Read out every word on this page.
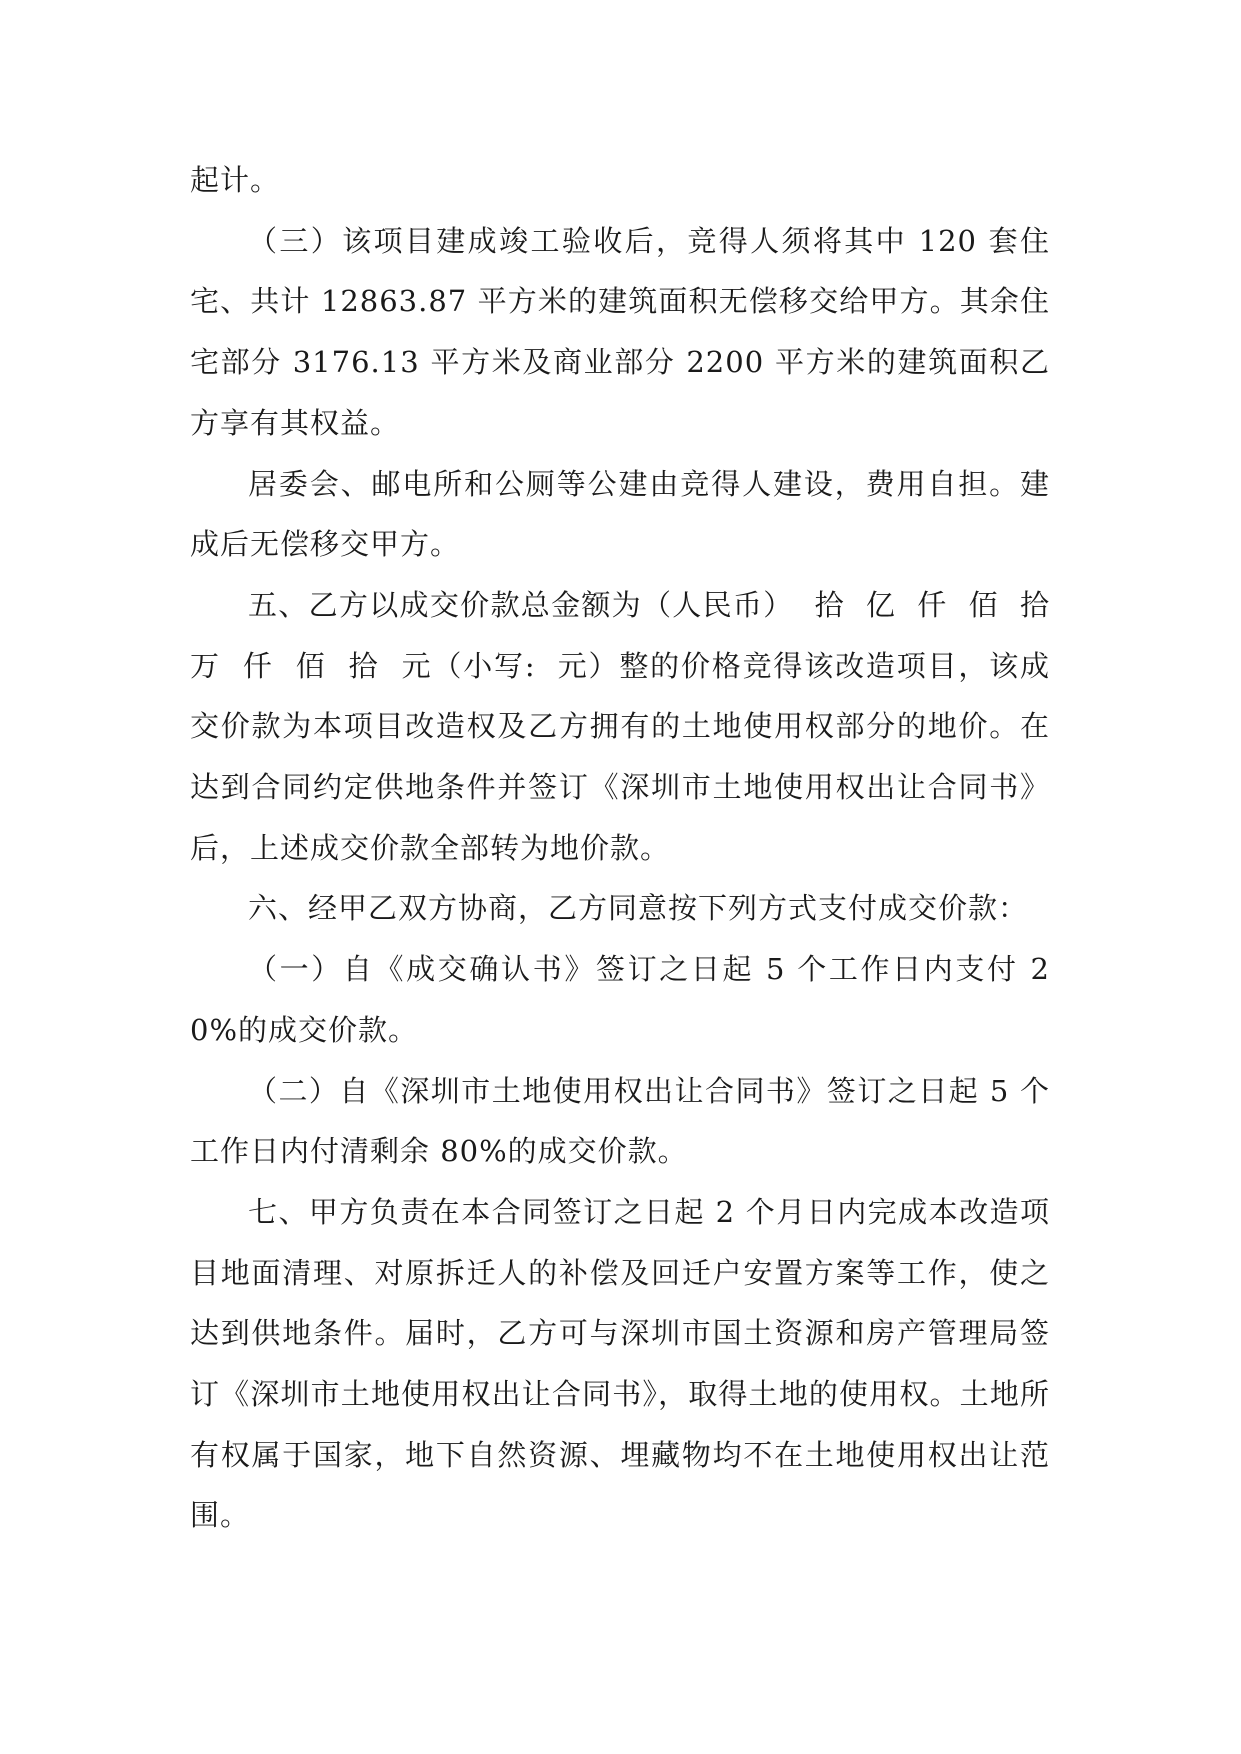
起计。

（三）该项目建成竣工验收后，竞得人须将其中 120 套住宅、共计 12863.87 平方米的建筑面积无偿移交给甲方。其余住宅部分 3176.13 平方米及商业部分 2200 平方米的建筑面积乙方享有其权益。

居委会、邮电所和公厕等公建由竞得人建设，费用自担。建成后无偿移交甲方。

五、乙方以成交价款总金额为（人民币）  拾  亿  仟  佰  拾  万  仟  佰  拾  元（小写:  元）整的价格竞得该改造项目，该成交价款为本项目改造权及乙方拥有的土地使用权部分的地价。在达到合同约定供地条件并签订《深圳市土地使用权出让合同书》后，上述成交价款全部转为地价款。

六、经甲乙双方协商，乙方同意按下列方式支付成交价款：

（一）自《成交确认书》签订之日起 5 个工作日内支付 20%的成交价款。

（二）自《深圳市土地使用权出让合同书》签订之日起 5 个工作日内付清剩余 80%的成交价款。

七、甲方负责在本合同签订之日起 2 个月日内完成本改造项目地面清理、对原拆迁人的补偿及回迁户安置方案等工作，使之达到供地条件。届时，乙方可与深圳市国土资源和房产管理局签订《深圳市土地使用权出让合同书》，取得土地的使用权。土地所有权属于国家，地下自然资源、埋藏物均不在土地使用权出让范围。
